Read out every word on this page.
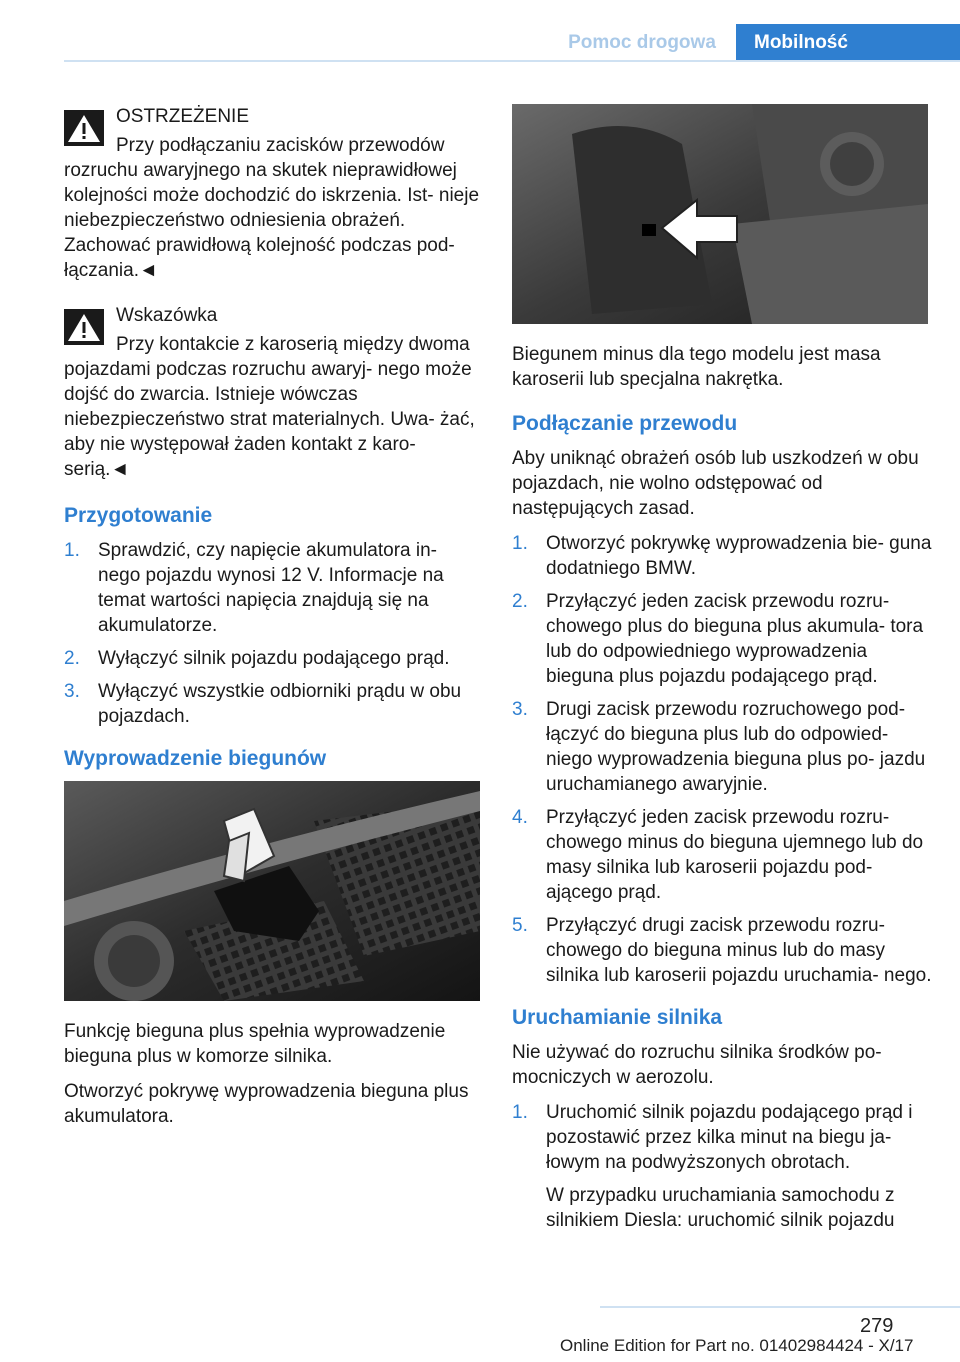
Pomoc drogowa	Mobilność

OSTRZEŻENIE

Przy podłączaniu zacisków przewodów rozruchu awaryjnego na skutek nieprawidłowej kolejności może dochodzić do iskrzenia. Ist- nieje niebezpieczeństwo odniesienia obrażeń. Zachować prawidłową kolejność podczas pod- łączania.◄

Wskazówka

Przy kontakcie z karoserią między dwoma pojazdami podczas rozruchu awaryj- nego może dojść do zwarcia. Istnieje wówczas niebezpieczeństwo strat materialnych. Uwa- żać, aby nie występował żaden kontakt z karo- serią.◄

Przygotowanie
1. Sprawdzić, czy napięcie akumulatora in- nego pojazdu wynosi 12 V. Informacje na temat wartości napięcia znajdują się na akumulatorze.
2. Wyłączyć silnik pojazdu podającego prąd.
3. Wyłączyć wszystkie odbiorniki prądu w obu pojazdach.
Wyprowadzenie biegunów

Funkcję bieguna plus spełnia wyprowadzenie bieguna plus w komorze silnika.

Otworzyć pokrywę wyprowadzenia bieguna plus akumulatora.

Biegunem minus dla tego modelu jest masa karoserii lub specjalna nakrętka.

Podłączanie przewodu

Aby uniknąć obrażeń osób lub uszkodzeń w obu pojazdach, nie wolno odstępować od następujących zasad.

1. Otworzyć pokrywkę wyprowadzenia bie- guna dodatniego BMW.
2. Przyłączyć jeden zacisk przewodu rozru- chowego plus do bieguna plus akumula- tora lub do odpowiedniego wyprowadzenia bieguna plus pojazdu podającego prąd.
3. Drugi zacisk przewodu rozruchowego pod- łączyć do bieguna plus lub do odpowied- niego wyprowadzenia bieguna plus po- jazdu uruchamianego awaryjnie.
4. Przyłączyć jeden zacisk przewodu rozru- chowego minus do bieguna ujemnego lub do masy silnika lub karoserii pojazdu pod- ającego prąd.
5. Przyłączyć drugi zacisk przewodu rozru- chowego do bieguna minus lub do masy silnika lub karoserii pojazdu uruchamia- nego.
Uruchamianie silnika

Nie używać do rozruchu silnika środków po- mocniczych w aerozolu.

1. Uruchomić silnik pojazdu podającego prąd i pozostawić przez kilka minut na biegu ja- łowym na podwyższonych obrotach.

W przypadku uruchamiania samochodu z silnikiem Diesla: uruchomić silnik pojazdu

279
Online Edition for Part no. 01402984424 - X/17
